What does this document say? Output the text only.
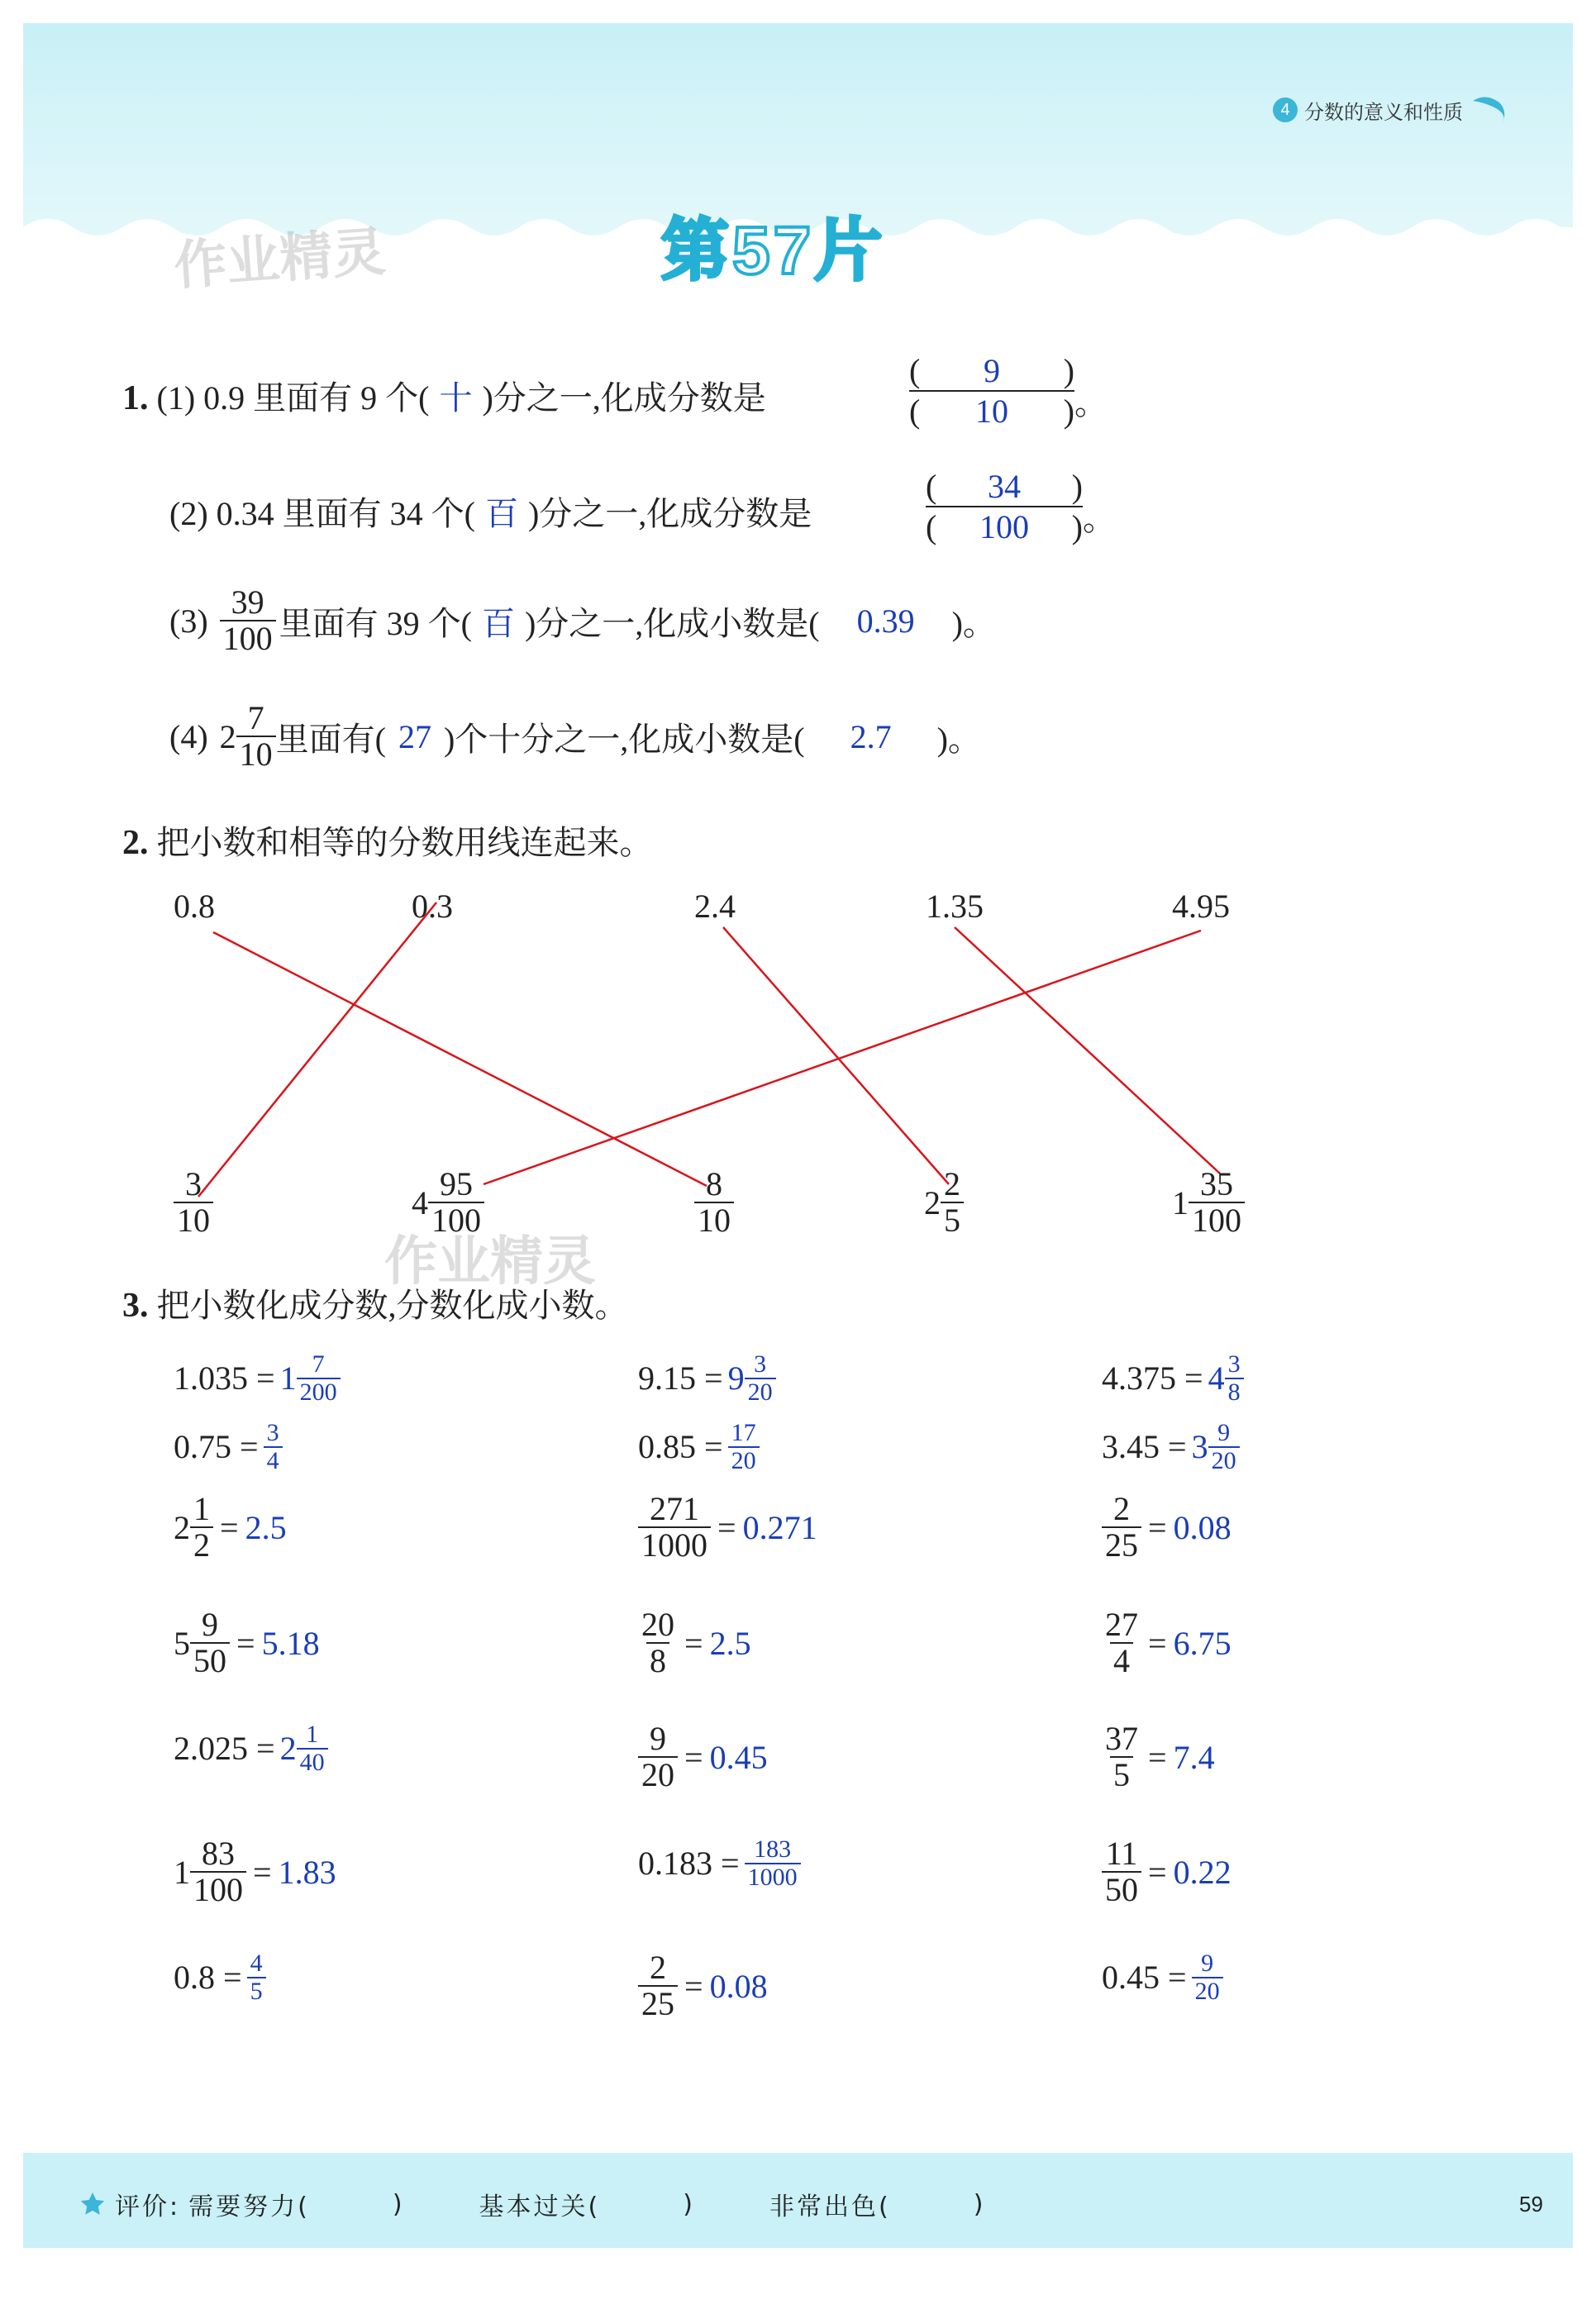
4 分数的意义和性质
第57片
作业精灵
作业精灵
1. (1) 0.9 里面有 9 个( 十 )分之一,化成分数是
( 9 )
( 10 ) 。
(2) 0.34 里面有 34 个( 百 )分之一,化成分数是
( 34 )
( 100 ) 。
$(3) \frac{39}{100}$ 里面有 39 个( 百 )分之一,化成小数是(	0.39	)。
(4) $2 \frac{7}{10}$ 里面有( 27 )个十分之一,化成小数是(	2.7	)。
2. 把小数和相等的分数用线连起来。
0.8	0.3	2.4	1.35	4.95
$\frac{3}{10}$	$4 \frac{95}{100}$	$\frac{8}{10}$	$2 \frac{2}{5}$	$1 \frac{35}{100}$
3. 把小数化成分数,分数化成小数。
$1.035 = 1 \frac{7}{200}$	$9.15 = 9 \frac{3}{20}$	$4.375 = 4 \frac{3}{8}$
$0.75 = \frac{3}{4}$	$0.85 = \frac{17}{20}$	$3.45 = 3 \frac{9}{20}$
$2 \frac{1}{2} = 2.5$	$\frac{271}{1000} = 0.271$	$\frac{2}{25} = 0.08$
$5 \frac{9}{50} = 5.18$	$\frac{20}{8} = 2.5$	$\frac{27}{4} = 6.75$
$2.025 = 2 \frac{1}{40}$	$\frac{9}{20} = 0.45$	$\frac{37}{5} = 7.4$
$1 \frac{83}{100} = 1.83$	$0.183 = \frac{183}{1000}$	$\frac{11}{50} = 0.22$
$0.8 = \frac{4}{5}$	$\frac{2}{25} = 0.08$	$0.45 = \frac{9}{20}$
评价: 需要努力(	)	基本过关(	)	非常出色(	)	59
